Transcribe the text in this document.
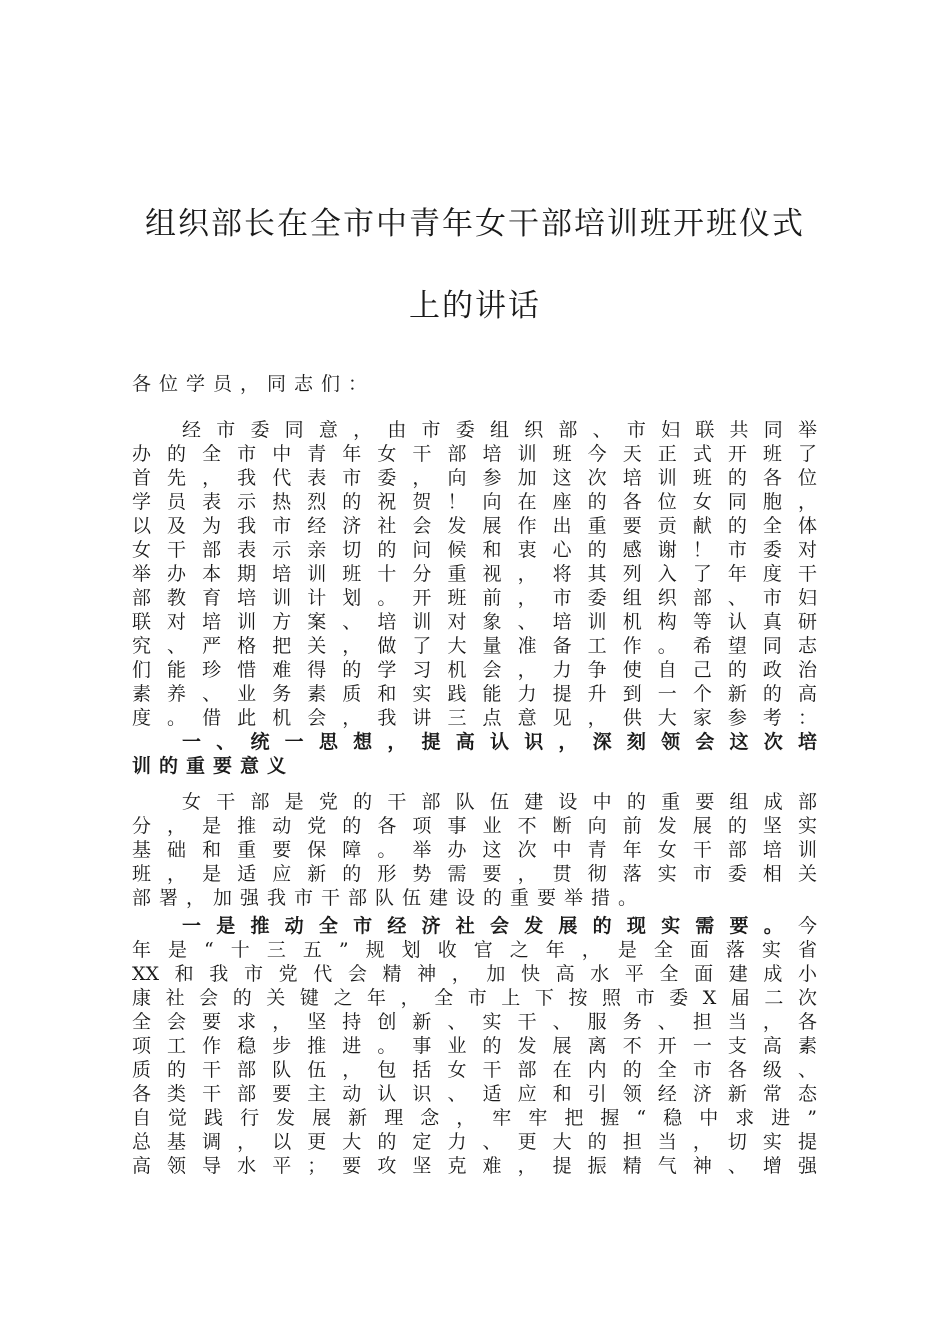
组织部长在全市中青年女干部培训班开班仪式
上的讲话
各位学员，同志们：
经市委同意，由市委组织部、市妇联共同举
办的全市中青年女干部培训班今天正式开班了
首先，我代表市委，向参加这次培训班的各位
学员表示热烈的祝贺！向在座的各位女同胞，
以及为我市经济社会发展作出重要贡献的全体
女干部表示亲切的问候和衷心的感谢！市委对
举办本期培训班十分重视，将其列入了年度干
部教育培训计划。开班前，市委组织部、市妇
联对培训方案、培训对象、培训机构等认真研
究、严格把关，做了大量准备工作。希望同志
们能珍惜难得的学习机会，力争使自己的政治
素养、业务素质和实践能力提升到一个新的高
度。借此机会，我讲三点意见，供大家参考：
一、统一思想，提高认识，深刻领会这次培
训的重要意义
女干部是党的干部队伍建设中的重要组成部
分，是推动党的各项事业不断向前发展的坚实
基础和重要保障。举办这次中青年女干部培训
班，是适应新的形势需要，贯彻落实市委相关
部署，加强我市干部队伍建设的重要举措。
一是推动全市经济社会发展的现实需要。今
年是“十三五”规划收官之年，是全面落实省
XX和我市党代会精神，加快高水平全面建成小
康社会的关键之年，全市上下按照市委X届二次
全会要求，坚持创新、实干、服务、担当，各
项工作稳步推进。事业的发展离不开一支高素
质的干部队伍，包括女干部在内的全市各级、
各类干部要主动认识、适应和引领经济新常态
自觉践行发展新理念，牢牢把握“稳中求进”
总基调，以更大的定力、更大的担当，切实提
高领导水平；要攻坚克难，提振精气神、增强
